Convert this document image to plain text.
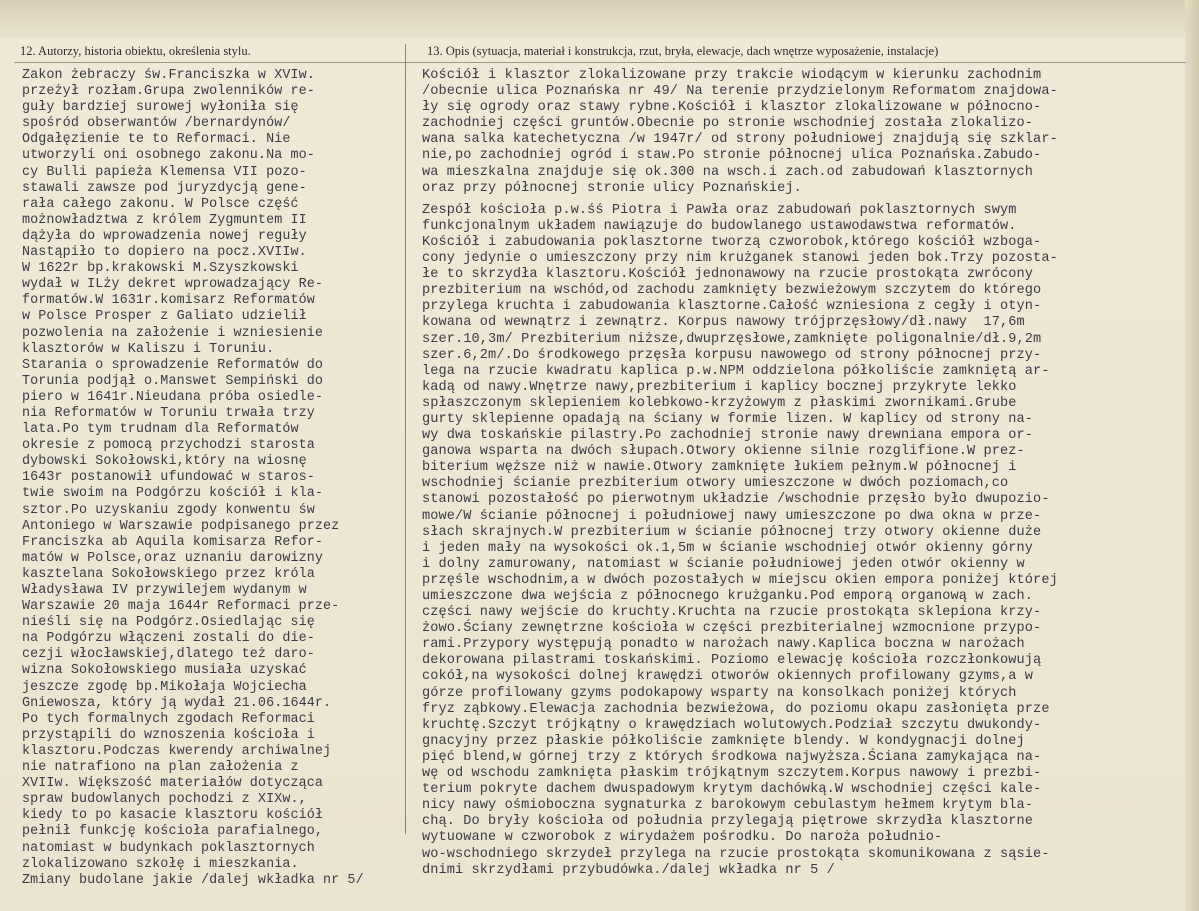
12. Autorzy, historia obiektu, określenia stylu.	13. Opis (sytuacja, materiał i konstrukcja, rzut, bryła, elewacje, dach wnętrze wyposażenie, instalacje)
Zakon żebraczy św.Franciszka w XVIw.
przeżył rozłam.Grupa zwolenników re-
guły bardziej surowej wyłoniła się
spośród obserwantów /bernardynów/
Odgałęzienie te to Reformaci. Nie
utworzyli oni osobnego zakonu.Na mo-
cy Bulli papieża Klemensa VII pozo-
stawali zawsze pod juryzdycją gene-
rała całego zakonu. W Polsce część
możnowładztwa z królem Zygmuntem II
dążyła do wprowadzenia nowej reguły
Nastąpiło to dopiero na pocz.XVIIw.
W 1622r bp.krakowski M.Szyszkowski
wydał w ILży dekret wprowadzający Re-
formatów.W 1631r.komisarz Reformatów
w Polsce Prosper z Galiato udzielił
pozwolenia na założenie i wzniesienie
klasztorów w Kaliszu i Toruniu.
Starania o sprowadzenie Reformatów do
Torunia podjął o.Manswet Sempiński do
piero w 1641r.Nieudana próba osiedle-
nia Reformatów w Toruniu trwała trzy
lata.Po tym trudnam dla Reformatów
okresie z pomocą przychodzi starosta
dybowski Sokołowski,który na wiosnę
1643r postanowił ufundować w staros-
twie swoim na Podgórzu kościół i kla-
sztor.Po uzyskaniu zgody konwentu św
Antoniego w Warszawie podpisanego przez
Franciszka ab Aquila komisarza Refor-
matów w Polsce,oraz uznaniu darowizny
kasztelana Sokołowskiego przez króla
Władysława IV przywilejem wydanym w
Warszawie 20 maja 1644r Reformaci prze-
nieśli się na Podgórz.Osiedlając się
na Podgórzu włączeni zostali do die-
cezji włocławskiej,dlatego też daro-
wizna Sokołowskiego musiała uzyskać
jeszcze zgodę bp.Mikołaja Wojciecha
Gniewosza, który ją wydał 21.06.1644r.
Po tych formalnych zgodach Reformaci
przystąpili do wznoszenia kościoła i
klasztoru.Podczas kwerendy archiwalnej
nie natrafiono na plan założenia z
XVIIw. Większość materiałów dotycząca
spraw budowlanych pochodzi z XIXw.,
kiedy to po kasacie klasztoru kościół
pełnił funkcję kościoła parafialnego,
natomiast w budynkach poklasztornych
zlokalizowano szkołę i mieszkania.
Zmiany budolane jakie /dalej wkładka nr 5/
Kościół i klasztor zlokalizowane przy trakcie wiodącym w kierunku zachodnim
/obecnie ulica Poznańska nr 49/ Na terenie przydzielonym Reformatom znajdowa-
ły się ogrody oraz stawy rybne.Kościół i klasztor zlokalizowane w północno-
zachodniej części gruntów.Obecnie po stronie wschodniej została zlokalizo-
wana salka katechetyczna /w 1947r/ od strony południowej znajdują się szklar-
nie,po zachodniej ogród i staw.Po stronie północnej ulica Poznańska.Zabudo-
wa mieszkalna znajduje się ok.300 na wsch.i zach.od zabudowań klasztornych
oraz przy północnej stronie ulicy Poznańskiej.
Zespół kościoła p.w.śś Piotra i Pawła oraz zabudowań poklasztornych swym
funkcjonalnym układem nawiązuje do budowlanego ustawodawstwa reformatów.
Kościół i zabudowania poklasztorne tworzą czworobok,którego kościół wzboga-
cony jedynie o umieszczony przy nim krużganek stanowi jeden bok.Trzy pozosta-
łe to skrzydła klasztoru.Kościół jednonawowy na rzucie prostokąta zwrócony
prezbiterium na wschód,od zachodu zamknięty bezwieżowym szczytem do którego
przylega kruchta i zabudowania klasztorne.Całość wzniesiona z cegły i otyn-
kowana od wewnątrz i zewnątrz. Korpus nawowy trójprzęsłowy/dł.nawy  17,6m
szer.10,3m/ Prezbiterium niższe,dwuprzęsłowe,zamknięte poligonalnie/dł.9,2m
szer.6,2m/.Do środkowego przęsła korpusu nawowego od strony północnej przy-
lega na rzucie kwadratu kaplica p.w.NPM oddzielona półkoliście zamkniętą ar-
kadą od nawy.Wnętrze nawy,prezbiterium i kaplicy bocznej przykryte lekko
spłaszczonym sklepieniem kolebkowo-krzyżowym z płaskimi zwornikami.Grube
gurty sklepienne opadają na ściany w formie lizen. W kaplicy od strony na-
wy dwa toskańskie pilastry.Po zachodniej stronie nawy drewniana empora or-
ganowa wsparta na dwóch słupach.Otwory okienne silnie rozglifione.W prez-
biterium węższe niż w nawie.Otwory zamknięte łukiem pełnym.W północnej i
wschodniej ścianie prezbiterium otwory umieszczone w dwóch poziomach,co
stanowi pozostałość po pierwotnym układzie /wschodnie przęsło było dwupozio-
mowe/W ścianie północnej i południowej nawy umieszczone po dwa okna w prze-
słach skrajnych.W prezbiterium w ścianie północnej trzy otwory okienne duże
i jeden mały na wysokości ok.1,5m w ścianie wschodniej otwór okienny górny
i dolny zamurowany, natomiast w ścianie południowej jeden otwór okienny w
przęśle wschodnim,a w dwóch pozostałych w miejscu okien empora poniżej której
umieszczone dwa wejścia z północnego krużganku.Pod emporą organową w zach.
części nawy wejście do kruchty.Kruchta na rzucie prostokąta sklepiona krzy-
żowo.Ściany zewnętrzne kościoła w części prezbiterialnej wzmocnione przypo-
rami.Przypory występują ponadto w narożach nawy.Kaplica boczna w narożach
dekorowana pilastrami toskańskimi. Poziomo elewację kościoła rozczłonkowują
cokół,na wysokości dolnej krawędzi otworów okiennych profilowany gzyms,a w
górze profilowany gzyms podokapowy wsparty na konsolkach poniżej których
fryz ząbkowy.Elewacja zachodnia bezwieżowa, do poziomu okapu zasłonięta prze
kruchtę.Szczyt trójkątny o krawędziach wolutowych.Podział szczytu dwukondy-
gnacyjny przez płaskie półkoliście zamknięte blendy. W kondygnacji dolnej
pięć blend,w górnej trzy z których środkowa najwyższa.Ściana zamykająca na-
wę od wschodu zamknięta płaskim trójkątnym szczytem.Korpus nawowy i prezbi-
terium pokryte dachem dwuspadowym krytym dachówką.W wschodniej części kale-
nicy nawy ośmioboczna sygnaturka z barokowym cebulastym hełmem krytym bla-
chą. Do bryły kościoła od południa przylegają piętrowe skrzydła klasztorne
wytuowane w czworobok z wirydażem pośrodku. Do naroża południo-
wo-wschodniego skrzydeł przylega na rzucie prostokąta skomunikowana z sąsie-
dnimi skrzydłami przybudówka./dalej wkładka nr 5 /
